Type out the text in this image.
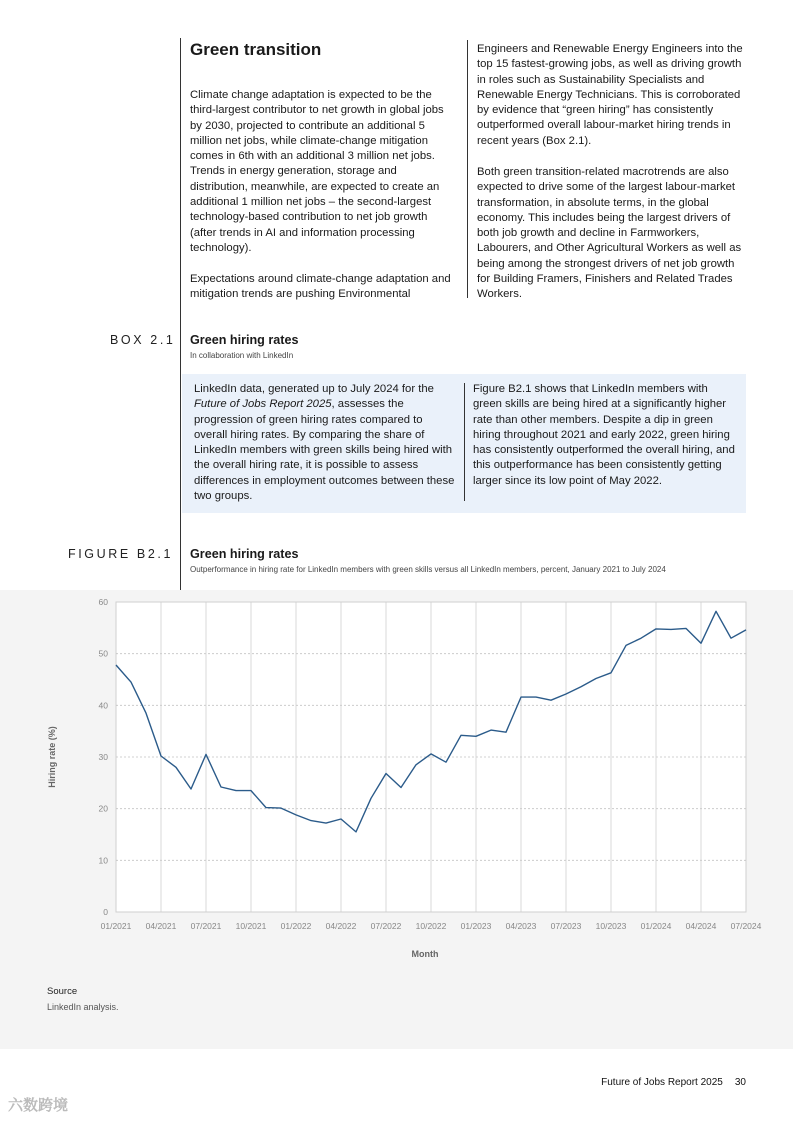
Green transition

Climate change adaptation is expected to be the third-largest contributor to net growth in global jobs by 2030, projected to contribute an additional 5 million net jobs, while climate-change mitigation comes in 6th with an additional 3 million net jobs. Trends in energy generation, storage and distribution, meanwhile, are expected to create an additional 1 million net jobs – the second-largest technology-based contribution to net job growth (after trends in AI and information processing technology).

Expectations around climate-change adaptation and mitigation trends are pushing Environmental

Engineers and Renewable Energy Engineers into the top 15 fastest-growing jobs, as well as driving growth in roles such as Sustainability Specialists and Renewable Energy Technicians. This is corroborated by evidence that “green hiring” has consistently outperformed overall labour-market hiring trends in recent years (Box 2.1).

Both green transition-related macrotrends are also expected to drive some of the largest labour-market transformation, in absolute terms, in the global economy. This includes being the largest drivers of both job growth and decline in Farmworkers, Labourers, and Other Agricultural Workers as well as being among the strongest drivers of net job growth for Building Framers, Finishers and Related Trades Workers.

BOX 2.1 Green hiring rates
In collaboration with LinkedIn

LinkedIn data, generated up to July 2024 for the Future of Jobs Report 2025, assesses the progression of green hiring rates compared to overall hiring rates. By comparing the share of LinkedIn members with green skills being hired with the overall hiring rate, it is possible to assess differences in employment outcomes between these two groups.

Figure B2.1 shows that LinkedIn members with green skills are being hired at a significantly higher rate than other members. Despite a dip in green hiring throughout 2021 and early 2022, green hiring has consistently outperformed the overall hiring, and this outperformance has been consistently getting larger since its low point of May 2022.

FIGURE B2.1 Green hiring rates
Outperformance in hiring rate for LinkedIn members with green skills versus all LinkedIn members, percent, January 2021 to July 2024
0
10
20
30
40
50
60
01/2021 04/2021 07/2021 10/2021 01/2022 04/2022 07/2022 10/2022 01/2023 04/2023 07/2023 10/2023 01/2024 04/2024 07/2024
Month
Hiring rate (%)
Source
LinkedIn analysis.
Future of Jobs Report 2025 30
六数跨境
